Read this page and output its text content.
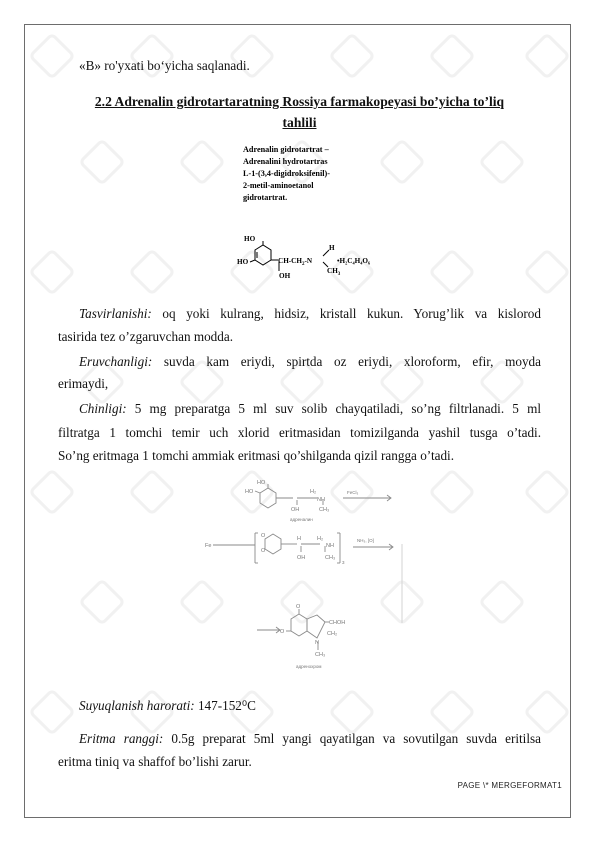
«B» ro'yxati bo‘yicha saqlanadi.
2.2 Adrenalin gidrotartaratning Rossiya farmakopeyasi bo’yicha to’liq
tahlili
Adrenalin gidrotartrat –
Adrenalini hydrotartras
L-1-(3,4-digidroksifenil)-
2-metil-aminoetanol
gidrotartrat.
HO
HO	$CH-CH_2-N$
H
$CH_3$
OH
•H₂C₄H₄O₆
Tasvirlanishi: oq yoki kulrang, hidsiz, kristall kukun. Yorug’lik va kislorod
tasirida tez o’zgaruvchan modda.
Eruvchanligi: suvda kam eriydi, spirtda oz eriydi, xloroform, efir, moyda
erimaydi,
Chinligi: 5 mg preparatga 5 ml suv solib chayqatiladi, so’ng filtrlanadi. 5 ml
filtratga 1 tomchi temir uch xlorid eritmasidan tomizilganda yashil tusga o’tadi.
So’ng eritmaga 1 tomchi ammiak eritmasi qo’shilganda qizil rangga o’tadi.
HO
HO
OH
H₂
NH
CH₃
FeCl₃
адреналин
Fe
O
O
H	H₂
NH
OH	CH₃
3
NH₃, [O]
O
O
CHOH
CH₂
N
CH₃
адренохром
Suyuqlanish harorati: 147-152⁰C
Eritma ranggi: 0.5g preparat 5ml yangi qayatilgan va sovutilgan suvda eritilsa
eritma tiniq va shaffof bo’lishi zarur.
PAGE \* MERGEFORMAT1
